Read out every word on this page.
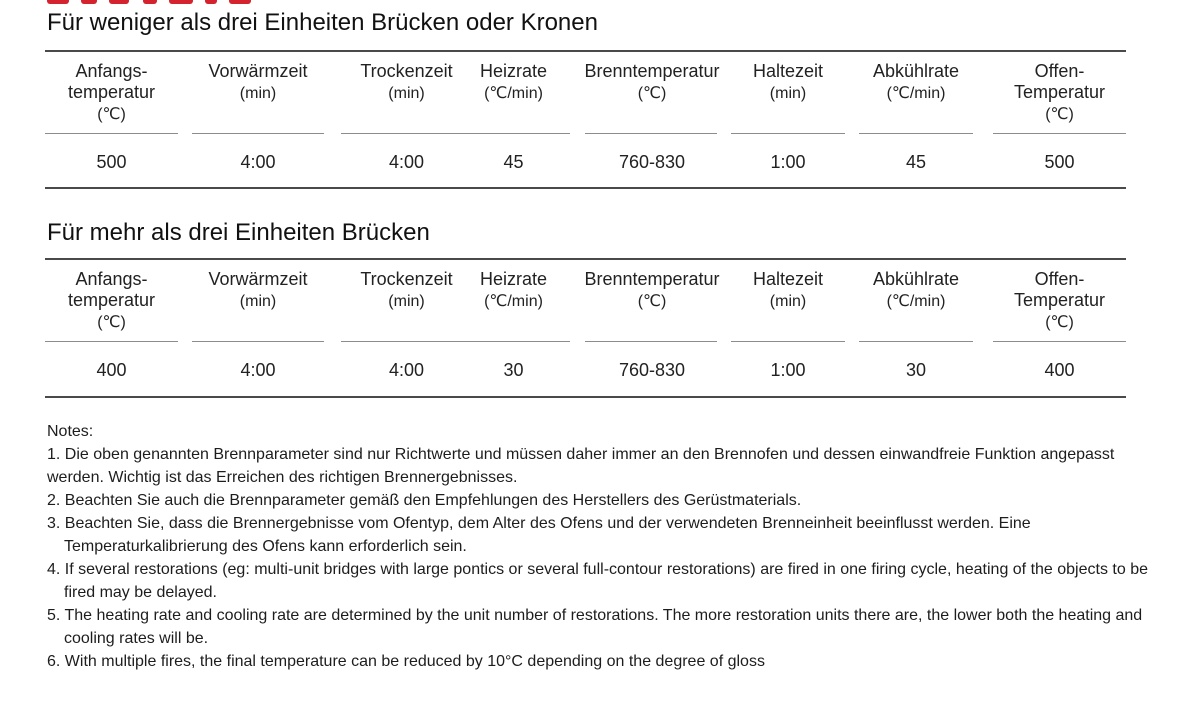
Für weniger als drei Einheiten Brücken oder Kronen
Anfangs-
temperatur
(℃)
500
Vorwärmzeit
(min)
4:00
Trockenzeit
(min)
4:00
Heizrate
(℃/min)
45
Brenntemperatur
(℃)
760-830
Haltezeit
(min)
1:00
Abkühlrate
(℃/min)
45
Offen-
Temperatur
(℃)
500
Für mehr als drei Einheiten Brücken
Anfangs-
temperatur
(℃)
400
Vorwärmzeit
(min)
4:00
Trockenzeit
(min)
4:00
Heizrate
(℃/min)
30
Brenntemperatur
(℃)
760-830
Haltezeit
(min)
1:00
Abkühlrate
(℃/min)
30
Offen-
Temperatur
(℃)
400
Notes:
1. Die oben genannten Brennparameter sind nur Richtwerte und müssen daher immer an den Brennofen und dessen einwandfreie Funktion angepasst werden. Wichtig ist das Erreichen des richtigen Brennergebnisses.
2. Beachten Sie auch die Brennparameter gemäß den Empfehlungen des Herstellers des Gerüstmaterials.
3. Beachten Sie, dass die Brennergebnisse vom Ofentyp, dem Alter des Ofens und der verwendeten Brenneinheit beeinflusst werden. Eine Temperaturkalibrierung des Ofens kann erforderlich sein.
4. If several restorations (eg: multi-unit bridges with large pontics or several full-contour restorations) are fired in one firing cycle, heating of the objects to be fired may be delayed.
5. The heating rate and cooling rate are determined by the unit number of restorations. The more restoration units there are, the lower both the heating and cooling rates will be.
6. With multiple fires, the final temperature can be reduced by 10°C depending on the degree of gloss
